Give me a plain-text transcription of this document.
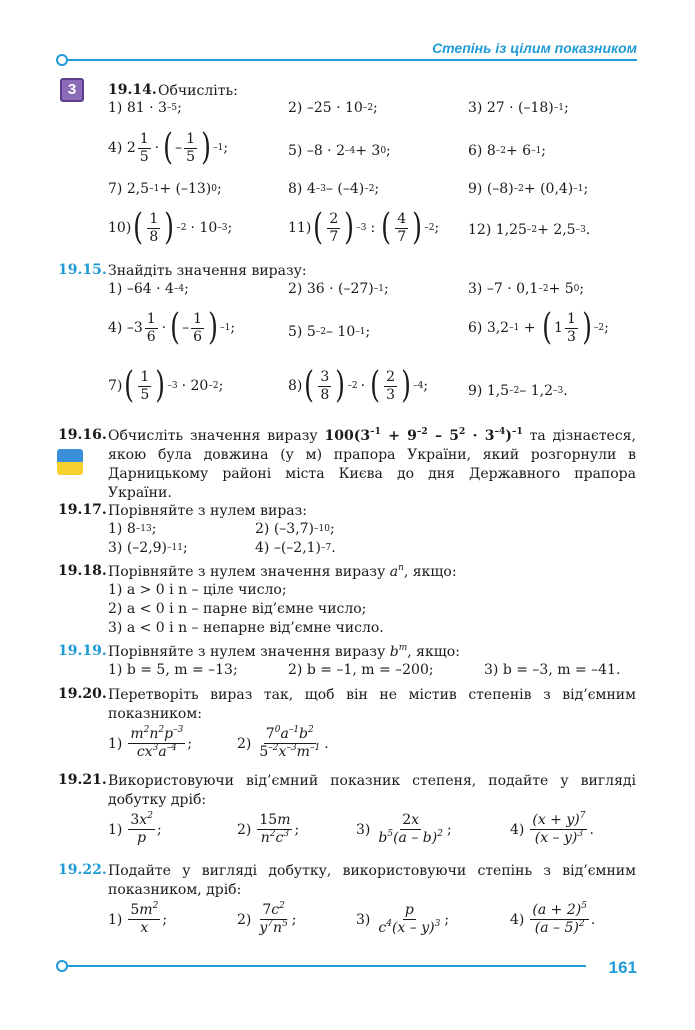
Степінь із цілим показником
3	19.14. Обчисліть:
1) 81 · 3 –5 ;	2) –25 · 10 –2 ;	3) 27 · (–18) –1 ;
4) $2 \frac{1}{5}$ · ( – $\frac{1}{5}$ ) –1 ;	5) –8 · 2 –4 + 3 0 ;	6) 8 –2 + 6 –1 ;
7) 2,5 –1 + (–13) 0 ;	8) 4 –3 – (–4) –2 ;	9) (–8) –2 + (0,4) –1 ;
10) ( $\frac{1}{8}$ ) –2 · 10 –3 ;	11) ( $\frac{2}{7}$ ) –3 : ( $\frac{4}{7}$ ) –2 ; 12) 1,25 –2 + 2,5 –3 .
19.15. Знайдіть значення виразу:
1) –64 · 4 –4 ;	2) 36 · (–27) –1 ;	3) –7 · 0,1 –2 + 5 0 ;
4) $-3 \frac{1}{6}$ · ( – $\frac{1}{6}$ ) –1 ;	5) 5 –2 – 10 –1 ;	6) 3,2 –1 + ( $1 \frac{1}{3}$ ) –2 ;
7) ( $\frac{1}{5}$ ) –3 · 20 –2 ;	8) ( $\frac{3}{8}$ ) –2 · ( $\frac{2}{3}$ ) –4 ;	9) 1,5 –2 – 1,2 –3 .
19.16. Обчисліть значення виразу $100(3^{-1} + 9^{-2} - 5^2 \cdot 3^{-4})^{-1}$ та дізнаєтеся, якою була довжина (у м) прапора України, який розгорнули в Дарницькому районі міста Києва до дня Державного прапора України.
19.17. Порівняйте з нулем вираз:
1) 8 –13 ;	2) (–3,7) –10 ;
3) (–2,9) –11 ;	4) –(–2,1) –7 .
19.18. Порівняйте з нулем значення виразу $a^n$, якщо:
1) a > 0 і n – ціле число;
2) a < 0 і n – парне від’ємне число;
3) a < 0 і n – непарне від’ємне число.
19.19. Порівняйте з нулем значення виразу $b^m$, якщо:
1) b = 5, m = –13;	2) b = –1, m = –200;	3) b = –3, m = –41.
19.20. Перетворіть вираз так, щоб він не містив степенів з від’ємним показником:
$1) \frac{m^2n^2p^{-3}}{cx^3a^{-4}}$ ;	$2) \frac{7^0a^{-1}b^2}{5^{-2}x^{-3}m^{-1}}$ .
19.21. Використовуючи від’ємний показник степеня, подайте у вигляді добутку дріб:
$1) \frac{3x^2}{p}$ ;	$2) \frac{15m}{n^2c^3}$ ;	$3) \frac{2x}{b^5(a - b)^2}$ ;	$4) \frac{(x + y)^7}{(x - y)^3}$ .
19.22. Подайте у вигляді добутку, використовуючи степінь з від’ємним показником, дріб:
$1) \frac{5m^2}{x}$ ;	$2) \frac{7c^2}{y^7n^5}$ ;	$3) \frac{p}{c^4(x - y)^3}$ ;	$4) \frac{(a + 2)^5}{(a - 5)^2}$ .
161
